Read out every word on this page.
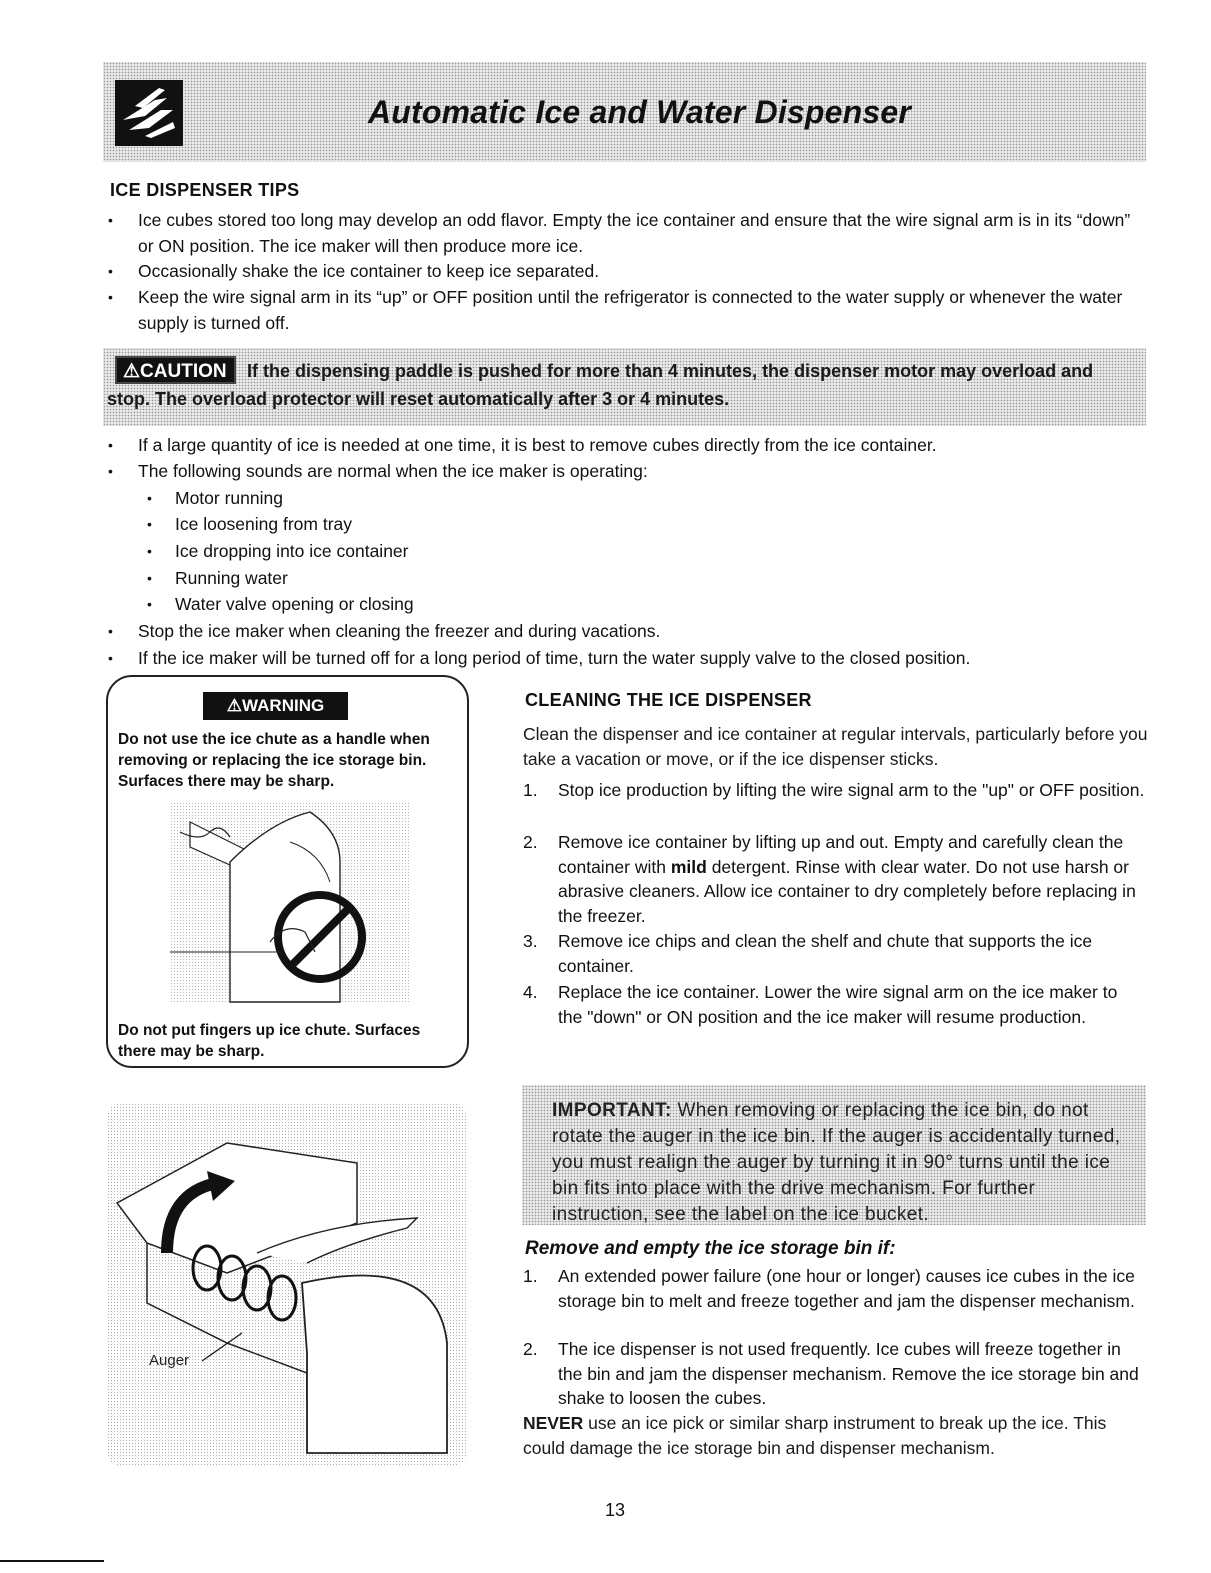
Automatic Ice and Water Dispenser
ICE DISPENSER TIPS
• Ice cubes stored too long may develop an odd flavor. Empty the ice container and ensure that the wire signal arm is in its “down” or ON position. The ice maker will then produce more ice.
• Occasionally shake the ice container to keep ice separated.
• Keep the wire signal arm in its “up” or OFF position until the refrigerator is connected to the water supply or whenever the water supply is turned off.
If the dispensing paddle is pushed for more than 4 minutes, the dispenser motor may overload and stop. The overload protector will reset automatically after 3 or 4 minutes.
⚠CAUTION
• If a large quantity of ice is needed at one time, it is best to remove cubes directly from the ice container.
• The following sounds are normal when the ice maker is operating:
• Motor running
• Ice loosening from tray
• Ice dropping into ice container
• Running water
• Water valve opening or closing
• Stop the ice maker when cleaning the freezer and during vacations.
• If the ice maker will be turned off for a long period of time, turn the water supply valve to the closed position.
⚠WARNING
Do not use the ice chute as a handle when removing or replacing the ice storage bin. Surfaces there may be sharp.
Do not put fingers up ice chute. Surfaces there may be sharp.
Auger
CLEANING THE ICE DISPENSER
Clean the dispenser and ice container at regular intervals, particularly before you take a vacation or move, or if the ice dispenser sticks.
1. Stop ice production by lifting the wire signal arm to the "up" or OFF position.
2. Remove ice container by lifting up and out. Empty and carefully clean the container with mild detergent. Rinse with clear water. Do not use harsh or abrasive cleaners. Allow ice container to dry completely before replacing in the freezer.
3. Remove ice chips and clean the shelf and chute that supports the ice container.
4. Replace the ice container. Lower the wire signal arm on the ice maker to the "down" or ON position and the ice maker will resume production.
IMPORTANT: When removing or replacing the ice bin, do not rotate the auger in the ice bin. If the auger is accidentally turned, you must realign the auger by turning it in 90° turns until the ice bin fits into place with the drive mechanism. For further instruction, see the label on the ice bucket.
Remove and empty the ice storage bin if:
1. An extended power failure (one hour or longer) causes ice cubes in the ice storage bin to melt and freeze together and jam the dispenser mechanism.
2. The ice dispenser is not used frequently. Ice cubes will freeze together in the bin and jam the dispenser mechanism. Remove the ice storage bin and shake to loosen the cubes.
NEVER use an ice pick or similar sharp instrument to break up the ice. This could damage the ice storage bin and dispenser mechanism.
13
